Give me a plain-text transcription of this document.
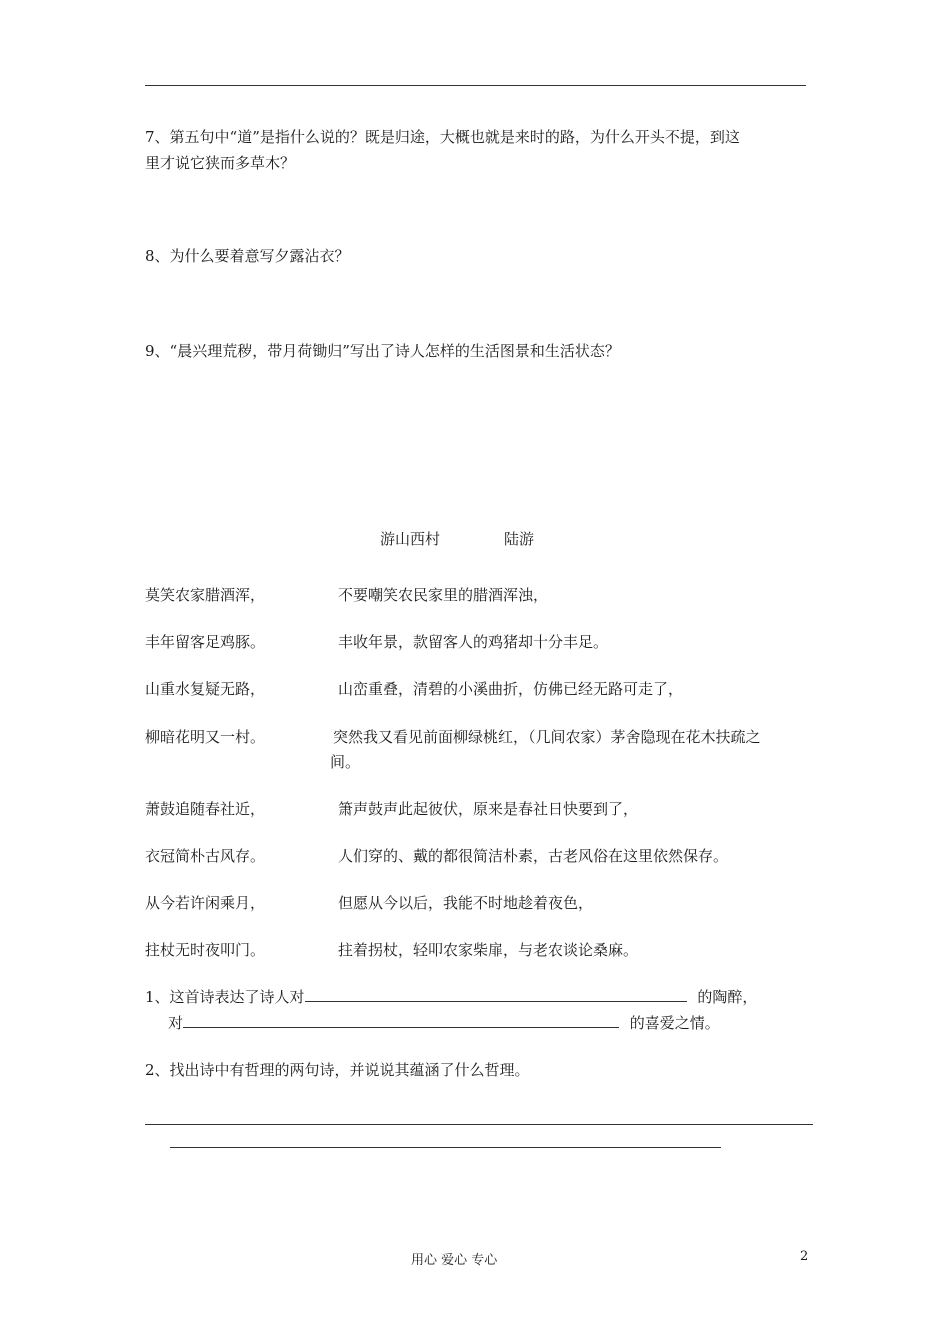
7、第五句中“道”是指什么说的？既是归途，大概也就是来时的路，为什么开头不提，到这
里才说它狭而多草木？
8、为什么要着意写夕露沾衣？
9、“晨兴理荒秽，带月荷锄归”写出了诗人怎样的生活图景和生活状态？
游山西村	陆游
莫笑农家腊酒浑，	不要嘲笑农民家里的腊酒浑浊，
丰年留客足鸡豚。	丰收年景，款留客人的鸡猪却十分丰足。
山重水复疑无路，	山峦重叠，清碧的小溪曲折，仿佛已经无路可走了，
柳暗花明又一村。	突然我又看见前面柳绿桃红，（几间农家）茅舍隐现在花木扶疏之
间。
萧鼓追随春社近，	箫声鼓声此起彼伏，原来是春社日快要到了，
衣冠简朴古风存。	人们穿的、戴的都很简洁朴素，古老风俗在这里依然保存。
从今若许闲乘月，	但愿从今以后，我能不时地趁着夜色，
拄杖无时夜叩门。	拄着拐杖，轻叩农家柴扉，与老农谈论桑麻。
1、这首诗表达了诗人对	的陶醉，
对	的喜爱之情。
2、找出诗中有哲理的两句诗，并说说其蕴涵了什么哲理。
用心 爱心 专心	2
